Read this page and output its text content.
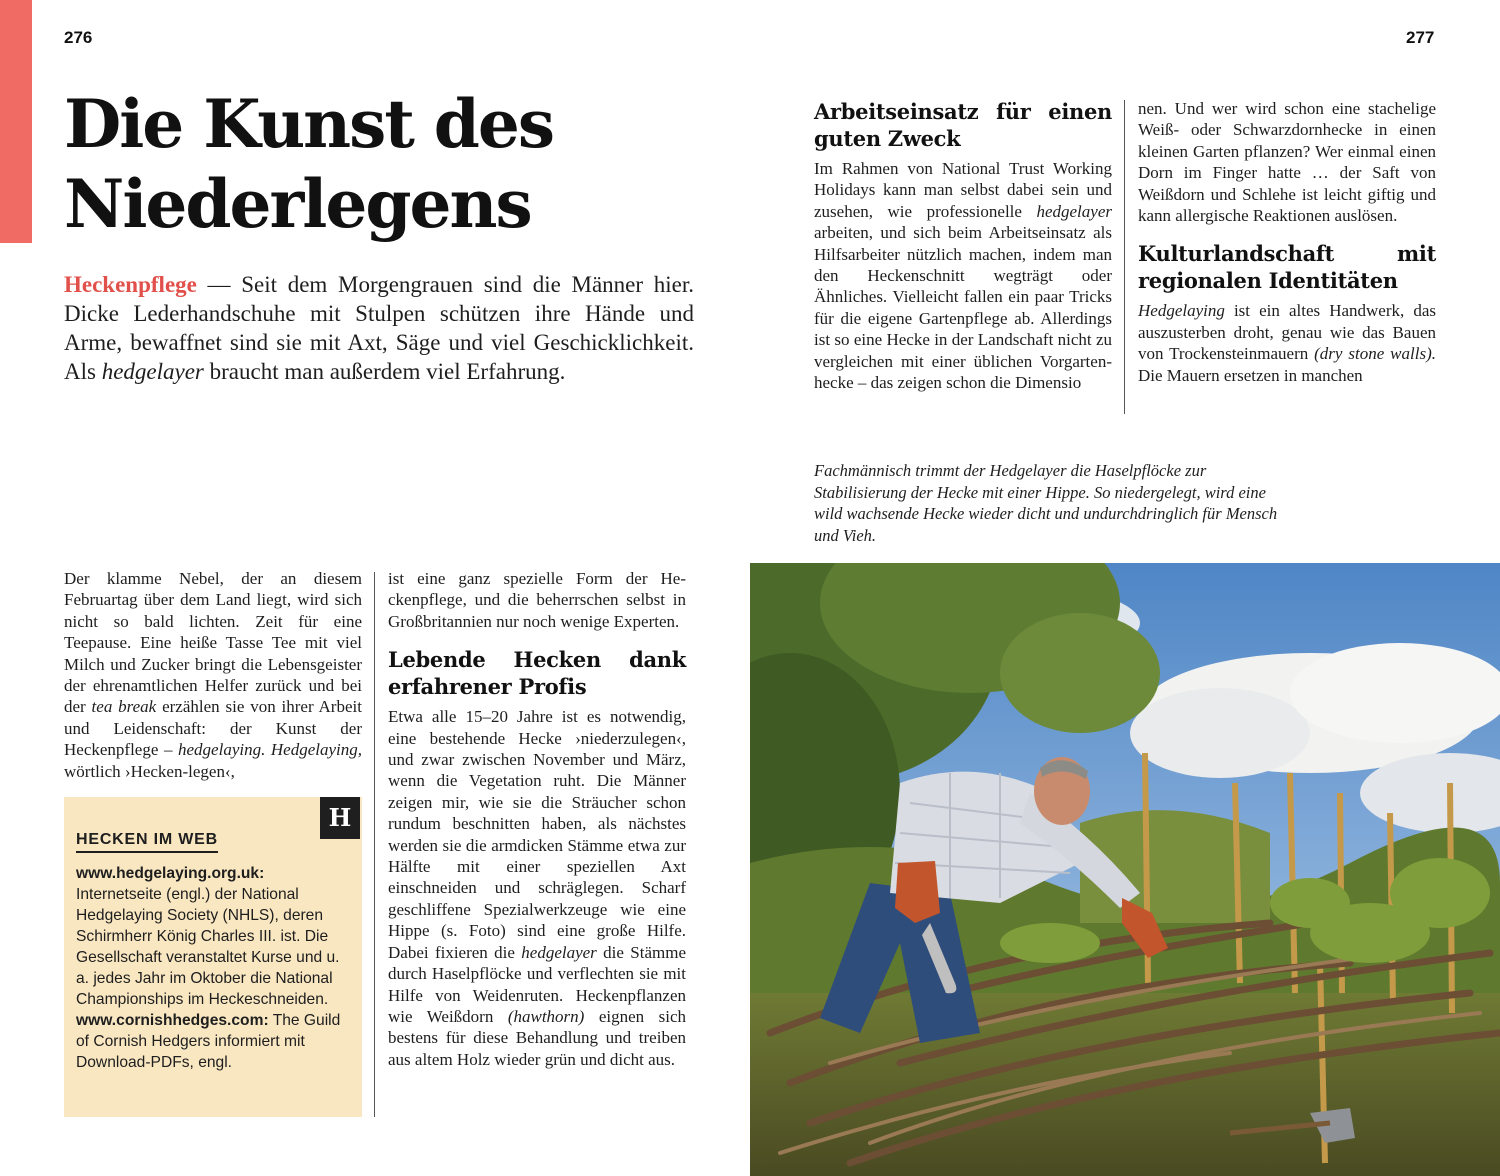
276	277
Die Kunst des
Niederlegens

Heckenpflege — Seit dem Morgengrauen sind die Männer hier. Dicke Lederhandschuhe mit Stulpen schützen ihre Hände und Arme, bewaffnet sind sie mit Axt, Säge und viel Geschicklichkeit. Als hedgelayer braucht man außerdem viel Erfahrung.

Der klamme Nebel, der an diesem Februartag über dem Land liegt, wird sich nicht so bald lichten. Zeit für eine Teepause. Eine heiße Tasse Tee mit viel Milch und Zucker bringt die Lebensgeister der ehrenamtlichen Helfer zurück und bei der tea break erzählen sie von ihrer Arbeit und Leidenschaft: der Kunst der Heckenpflege – hedgelaying. Hedgelaying, wörtlich ›Hecken-legen‹,

H
HECKEN IM WEB
www.hedgelaying.org.uk: Internetseite (engl.) der National Hedgelaying Society (NHLS), deren Schirmherr König Charles III. ist. Die Gesellschaft veranstaltet Kurse und u. a. jedes Jahr im Oktober die National Championships im Heckeschneiden.
www.cornishhedges.com: The Guild of Cornish Hedgers informiert mit Download-PDFs, engl.

ist eine ganz spezielle Form der Heckenpflege, und die beherrschen selbst in Großbritannien nur noch wenige Experten.

Lebende Hecken dank erfahrener Profis

Etwa alle 15–20 Jahre ist es notwendig, eine bestehende Hecke ›niederzulegen‹, und zwar zwischen November und März, wenn die Vegetation ruht. Die Männer zeigen mir, wie sie die Sträucher schon rundum beschnitten haben, als nächstes werden sie die armdicken Stämme etwa zur Hälfte mit einer speziellen Axt einschneiden und schräglegen. Scharf geschliffene Spezialwerkzeuge wie eine Hippe (s. Foto) sind eine große Hilfe. Dabei fixieren die hedgelayer die Stämme durch Haselpflöcke und verflechten sie mit Hilfe von Weidenruten. Heckenpflanzen wie Weißdorn (hawthorn) eignen sich bestens für diese Behandlung und treiben aus altem Holz wieder grün und dicht aus.

Arbeitseinsatz für einen guten Zweck

Im Rahmen von National Trust Working Holidays kann man selbst dabei sein und zusehen, wie professionelle hedgelayer arbeiten, und sich beim Arbeitseinsatz als Hilfsarbeiter nützlich machen, indem man den Heckenschnitt wegträgt oder Ähnliches. Vielleicht fallen ein paar Tricks für die eigene Gartenpflege ab. Allerdings ist so eine Hecke in der Landschaft nicht zu vergleichen mit einer üblichen Vorgartenhecke – das zeigen schon die Dimensio

nen. Und wer wird schon eine stachelige Weiß- oder Schwarzdornhecke in einen kleinen Garten pflanzen? Wer einmal einen Dorn im Finger hatte … der Saft von Weißdorn und Schlehe ist leicht giftig und kann allergische Reaktionen auslösen.

Kulturlandschaft mit regionalen Identitäten

Hedgelaying ist ein altes Handwerk, das auszusterben droht, genau wie das Bauen von Trockensteinmauern (dry stone walls). Die Mauern ersetzen in manchen

Fachmännisch trimmt der Hedgelayer die Haselpflöcke zur Stabilisierung der Hecke mit einer Hippe. So niedergelegt, wird eine wild wachsende Hecke wieder dicht und undurchdringlich für Mensch und Vieh.
